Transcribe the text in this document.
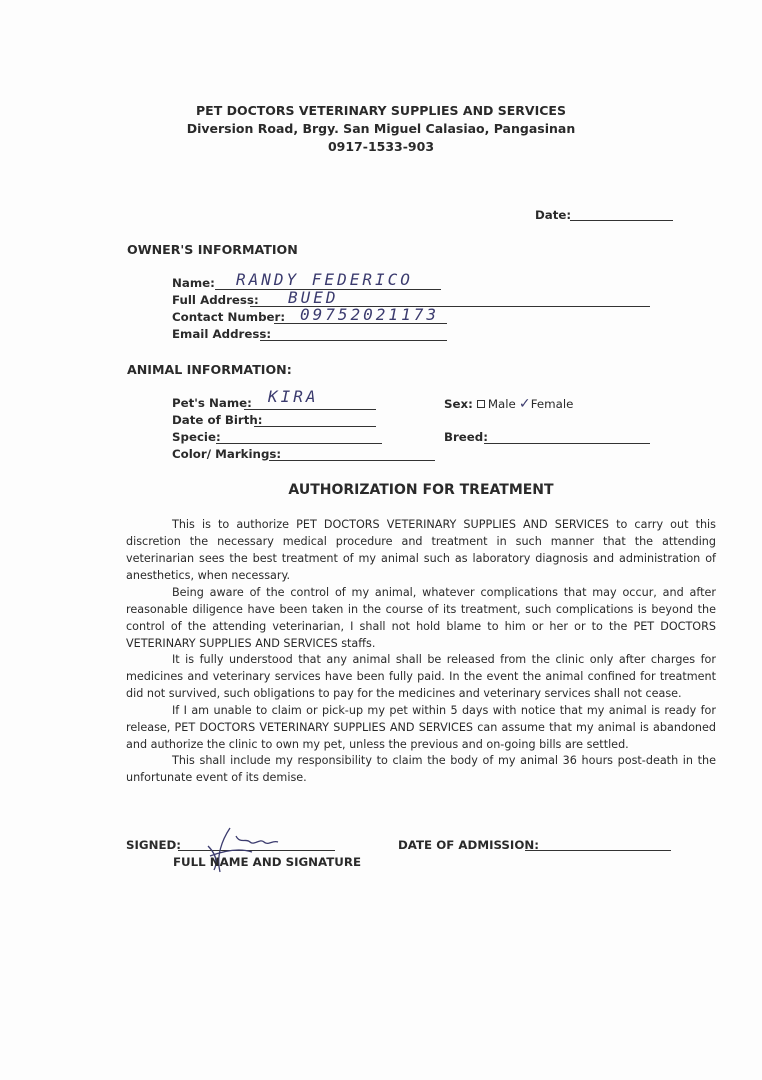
PET DOCTORS VETERINARY SUPPLIES AND SERVICES
Diversion Road, Brgy. San Miguel Calasiao, Pangasinan
0917-1533-903
Date:
OWNER'S INFORMATION
Name: RANDY FEDERICO
Full Address: BUED
Contact Number: 09752021173
Email Address:
ANIMAL INFORMATION:
Pet's Name: KIRA
Date of Birth:
Specie:
Color/ Markings:
Sex: Male ✓Female
Breed:
AUTHORIZATION FOR TREATMENT

This is to authorize PET DOCTORS VETERINARY SUPPLIES AND SERVICES to carry out this discretion the necessary medical procedure and treatment in such manner that the attending veterinarian sees the best treatment of my animal such as laboratory diagnosis and administration of anesthetics, when necessary.

Being aware of the control of my animal, whatever complications that may occur, and after reasonable diligence have been taken in the course of its treatment, such complications is beyond the control of the attending veterinarian, I shall not hold blame to him or her or to the PET DOCTORS VETERINARY SUPPLIES AND SERVICES staffs.

It is fully understood that any animal shall be released from the clinic only after charges for medicines and veterinary services have been fully paid. In the event the animal confined for treatment did not survived, such obligations to pay for the medicines and veterinary services shall not cease.

If I am unable to claim or pick-up my pet within 5 days with notice that my animal is ready for release, PET DOCTORS VETERINARY SUPPLIES AND SERVICES can assume that my animal is abandoned and authorize the clinic to own my pet, unless the previous and on-going bills are settled.

This shall include my responsibility to claim the body of my animal 36 hours post-death in the unfortunate event of its demise.

SIGNED:
FULL NAME AND SIGNATURE
DATE OF ADMISSION:
